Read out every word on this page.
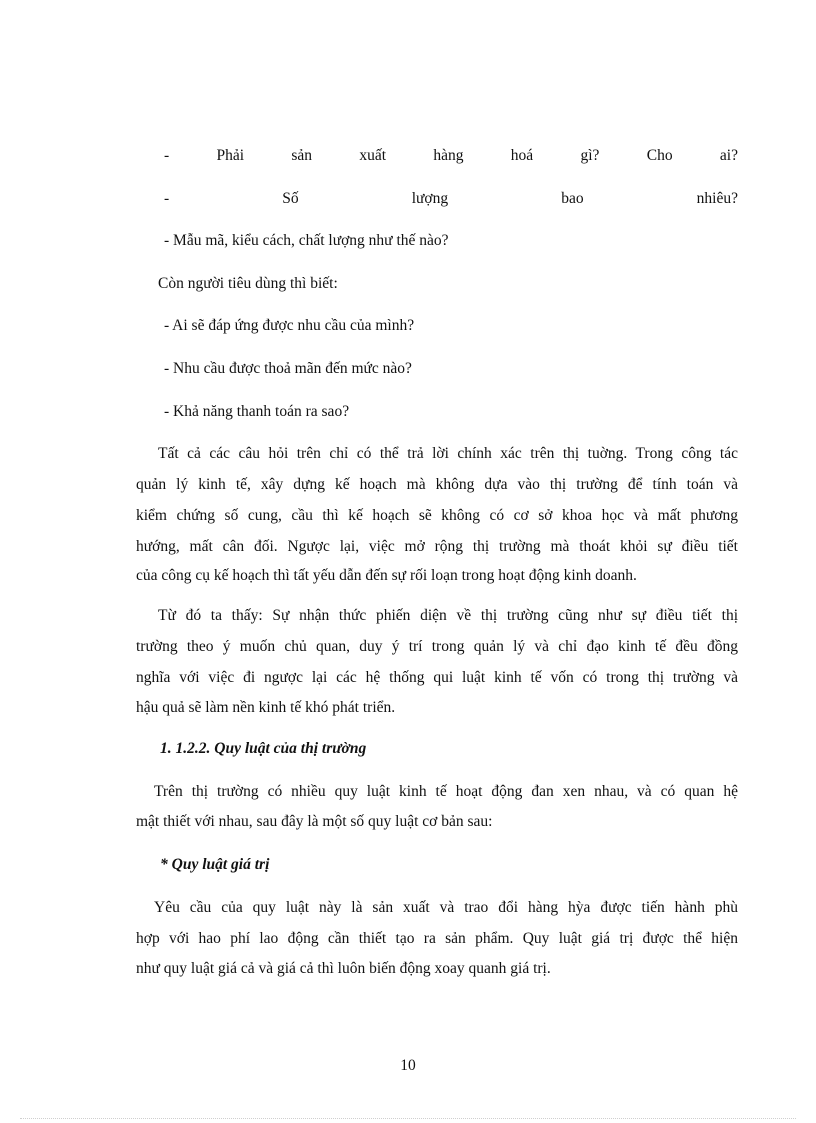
-	Phải	sản	xuất	hàng	hoá	gì?	Cho	ai?
-	Số	lượng	bao	nhiêu?
- Mẫu mã, kiểu cách, chất lượng như thế nào?
Còn người tiêu dùng thì biết:
- Ai sẽ đáp ứng được nhu cầu của mình?
- Nhu cầu được thoả mãn đến mức nào?
- Khả năng thanh toán ra sao?
Tất cả các câu hỏi trên chỉ có thể trả lời chính xác trên thị tuờng. Trong công tác
quản lý kinh tế, xây dựng kế hoạch mà không dựa vào thị trường để tính toán và
kiểm chứng số cung, cầu thì kế hoạch sẽ không có cơ sở khoa học và mất phương
hướng, mất cân đối. Ngược lại, việc mở rộng thị trường mà thoát khỏi sự điều tiết
của công cụ kế hoạch thì tất yếu dẫn đến sự rối loạn trong hoạt động kinh doanh.
Từ đó ta thấy: Sự nhận thức phiến diện về thị trường cũng như sự điều tiết thị
trường theo ý muốn chủ quan, duy ý trí trong quản lý và chỉ đạo kinh tế đều đồng
nghĩa với việc đi ngược lại các hệ thống qui luật kinh tế vốn có trong thị trường và
hậu quả sẽ làm nền kinh tế khó phát triển.
1. 1.2.2. Quy luật của thị trường
Trên thị trường có nhiều quy luật kinh tế hoạt động đan xen nhau, và có quan hệ
mật thiết với nhau, sau đây là một số quy luật cơ bản sau:
* Quy luật giá trị
Yêu cầu của quy luật này là sản xuất và trao đổi hàng hỳa được tiến hành phù
hợp với hao phí lao động cần thiết tạo ra sản phẩm. Quy luật giá trị được thể hiện
như quy luật giá cả và giá cả thì luôn biến động xoay quanh giá trị.
10
